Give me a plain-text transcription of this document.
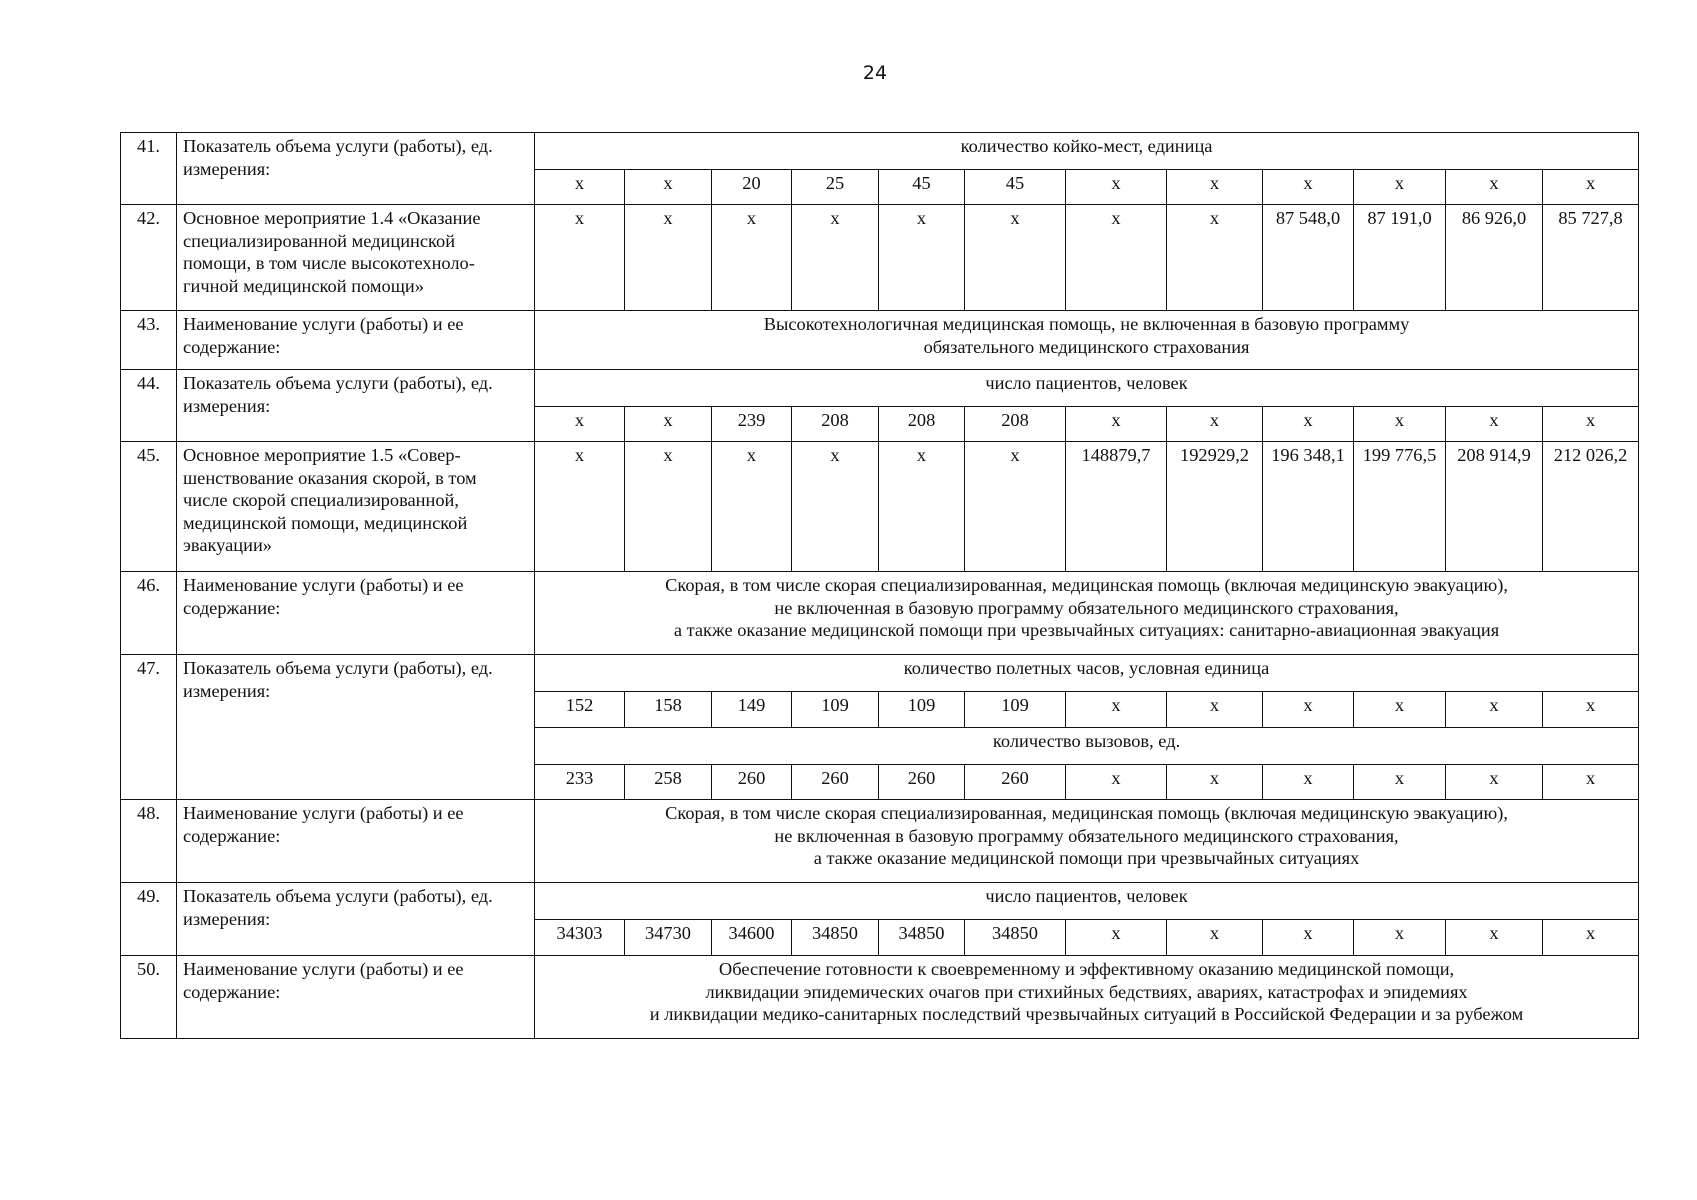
24
41.	Показатель объема услуги (работы), ед. измерения:	количество койко-мест, единица											
		х	х	20	25	45	45	х	х	х	х	х	х
42.	Основное мероприятие 1.4 «Оказание
специализированной медицинской
помощи, в том числе высокотехноло-
гичной медицинской помощи»	х	х	х	х	х	х	х	х	87 548,0	87 191,0	86 926,0	85 727,8
43.	Наименование услуги (работы) и ее содержание:	Высокотехнологичная медицинская помощь, не включенная в базовую программу
обязательного медицинского страхования											

44.	Показатель объема услуги (работы), ед. измерения:	число пациентов, человек											
		х	х	239	208	208	208	х	х	х	х	х	х
45.	Основное мероприятие 1.5 «Совер-
шенствование оказания скорой, в том
числе скорой специализированной,
медицинской помощи, медицинской
эвакуации»	х	х	х	х	х	х	148879,7	192929,2	196 348,1	199 776,5	208 914,9	212 026,2
46.	Наименование услуги (работы) и ее содержание:	Скорая, в том числе скорая специализированная, медицинская помощь (включая медицинскую эвакуацию),
не включенная в базовую программу обязательного медицинского страхования,
а также оказание медицинской помощи при чрезвычайных ситуациях: санитарно-авиационная эвакуация											

47.	Показатель объема услуги (работы), ед. измерения:	количество полетных часов, условная единица											
		152	158	149	109	109	109	х	х	х	х	х	х
		количество вызовов, ед.											
		233	258	260	260	260	260	х	х	х	х	х	х
48.	Наименование услуги (работы) и ее содержание:	Скорая, в том числе скорая специализированная, медицинская помощь (включая медицинскую эвакуацию),
не включенная в базовую программу обязательного медицинского страхования,
а также оказание медицинской помощи при чрезвычайных ситуациях											

49.	Показатель объема услуги (работы), ед. измерения:	число пациентов, человек											
		34303	34730	34600	34850	34850	34850	х	х	х	х	х	х
50.	Наименование услуги (работы) и ее содержание:	Обеспечение готовности к своевременному и эффективному оказанию медицинской помощи,
ликвидации эпидемических очагов при стихийных бедствиях, авариях, катастрофах и эпидемиях
и ликвидации медико-санитарных последствий чрезвычайных ситуаций в Российской Федерации и за рубежом											
